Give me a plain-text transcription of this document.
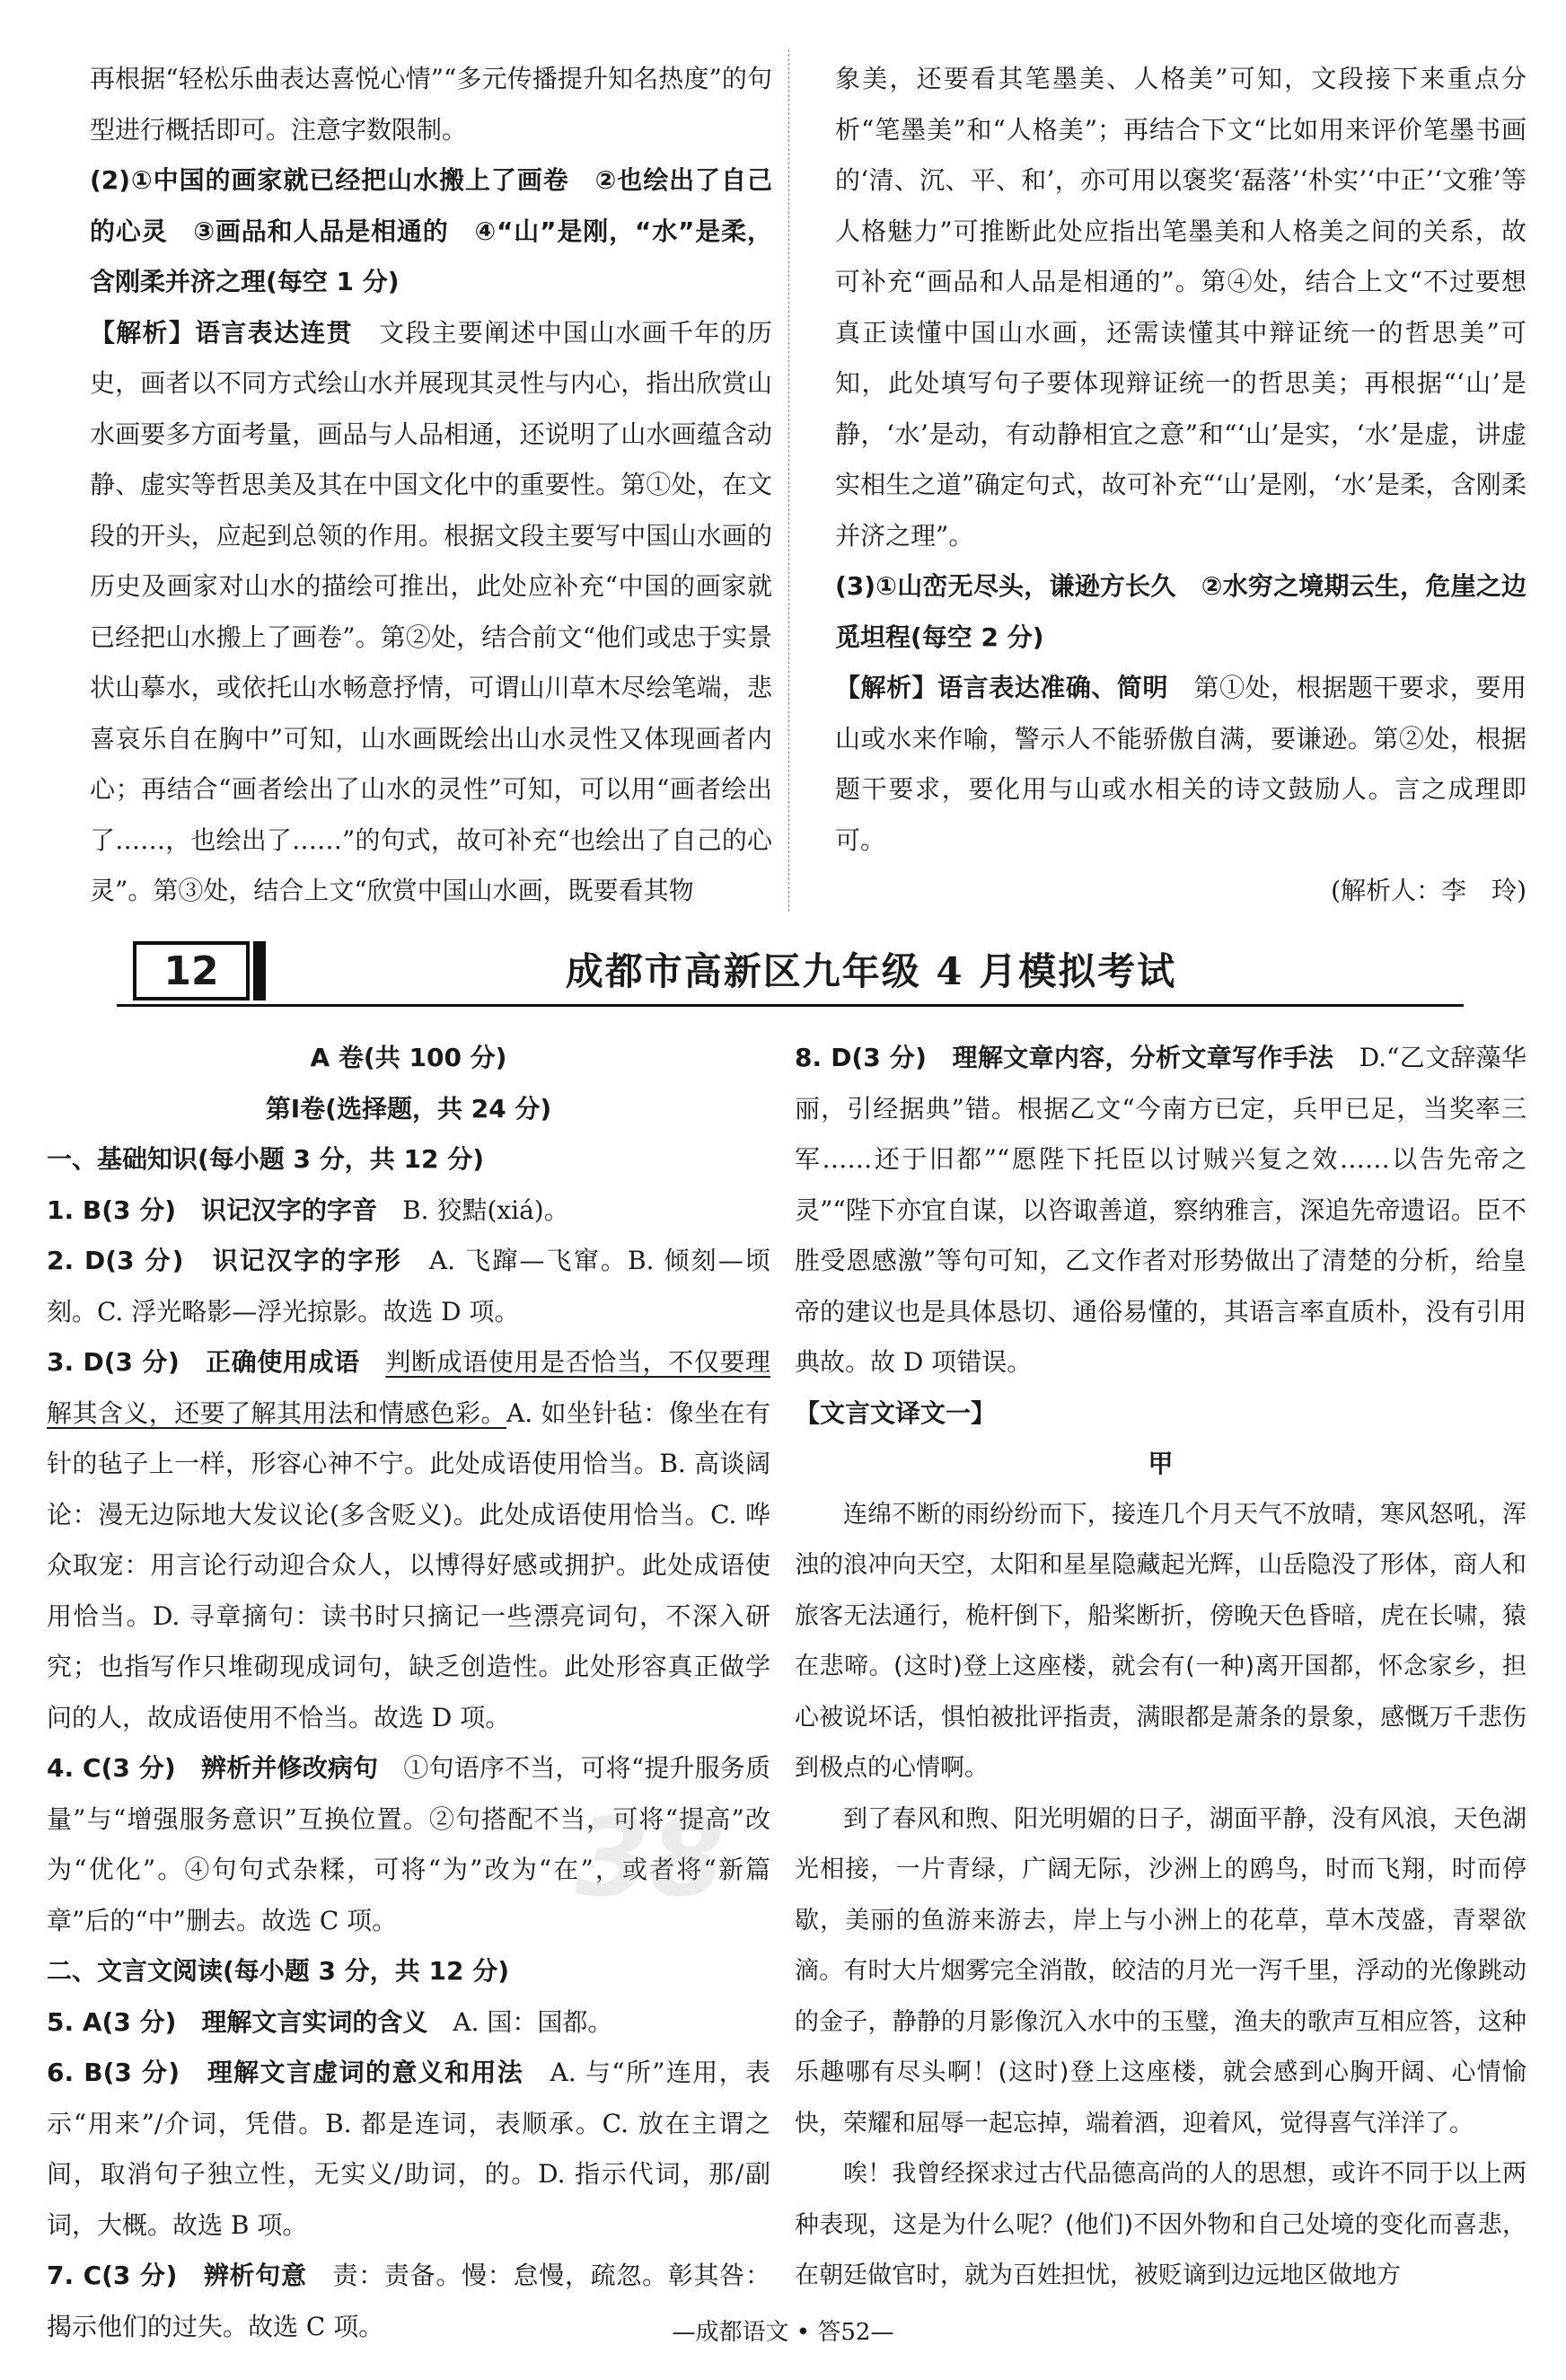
再根据“轻松乐曲表达喜悦心情”“多元传播提升知名热度”的句型进行概括即可。注意字数限制。

(2)①中国的画家就已经把山水搬上了画卷　②也绘出了自己的心灵　③画品和人品是相通的　④“山”是刚，“水”是柔，含刚柔并济之理(每空 1 分)

【解析】语言表达连贯　 文段主要阐述中国山水画千年的历史，画者以不同方式绘山水并展现其灵性与内心，指出欣赏山水画要多方面考量，画品与人品相通，还说明了山水画蕴含动静、虚实等哲思美及其在中国文化中的重要性。第①处，在文段的开头，应起到总领的作用。根据文段主要写中国山水画的历史及画家对山水的描绘可推出，此处应补充“中国的画家就已经把山水搬上了画卷”。第②处，结合前文“他们或忠于实景状山摹水，或依托山水畅意抒情，可谓山川草木尽绘笔端，悲喜哀乐自在胸中”可知，山水画既绘出山水灵性又体现画者内心；再结合“画者绘出了山水的灵性”可知，可以用“画者绘出了……，也绘出了……”的句式，故可补充“也绘出了自己的心灵”。第③处，结合上文“欣赏中国山水画，既要看其物

象美，还要看其笔墨美、人格美”可知，文段接下来重点分析“笔墨美”和“人格美”；再结合下文“比如用来评价笔墨书画的‘清、沉、平、和’，亦可用以褒奖‘磊落’‘朴实’‘中正’‘文雅’等人格魅力”可推断此处应指出笔墨美和人格美之间的关系，故可补充“画品和人品是相通的”。第④处，结合上文“不过要想真正读懂中国山水画，还需读懂其中辩证统一的哲思美”可知，此处填写句子要体现辩证统一的哲思美；再根据“‘山’是静，‘水’是动，有动静相宜之意”和“‘山’是实，‘水’是虚，讲虚实相生之道”确定句式，故可补充“‘山’是刚，‘水’是柔，含刚柔并济之理”。

(3)①山峦无尽头，谦逊方长久　②水穷之境期云生，危崖之边觅坦程(每空 2 分)

【解析】语言表达准确、简明　 第①处，根据题干要求，要用山或水来作喻，警示人不能骄傲自满，要谦逊。第②处，根据题干要求，要化用与山或水相关的诗文鼓励人。言之成理即可。

(解析人：李　玲)

12	成都市高新区九年级 4 月模拟考试

A 卷(共 100 分)

第Ⅰ卷(选择题，共 24 分)

一、基础知识(每小题 3 分，共 12 分)

1. B(3 分)　识记汉字的字音　 B. 狡黠(xiá)。

2. D(3 分)　识记汉字的字形　 A. 飞蹿—飞窜。B. 倾刻—顷刻。C. 浮光略影—浮光掠影。故选 D 项。

3. D(3 分)　正确使用成语　 判断成语使用是否恰当，不仅要理解其含义，还要了解其用法和情感色彩。A. 如坐针毡：像坐在有针的毡子上一样，形容心神不宁。此处成语使用恰当。B. 高谈阔论：漫无边际地大发议论(多含贬义)。此处成语使用恰当。C. 哗众取宠：用言论行动迎合众人，以博得好感或拥护。此处成语使用恰当。D. 寻章摘句：读书时只摘记一些漂亮词句，不深入研究；也指写作只堆砌现成词句，缺乏创造性。此处形容真正做学问的人，故成语使用不恰当。故选 D 项。

4. C(3 分)　辨析并修改病句　 ①句语序不当，可将“提升服务质量”与“增强服务意识”互换位置。②句搭配不当，可将“提高”改为“优化”。④句句式杂糅，可将“为”改为“在”，或者将“新篇章”后的“中”删去。故选 C 项。

二、文言文阅读(每小题 3 分，共 12 分)

5. A(3 分)　理解文言实词的含义　 A. 国：国都。

6. B(3 分)　理解文言虚词的意义和用法　 A. 与“所”连用，表示“用来”/介词，凭借。B. 都是连词，表顺承。C. 放在主谓之间，取消句子独立性，无实义/助词，的。D. 指示代词，那/副词，大概。故选 B 项。

7. C(3 分)　辨析句意　 责：责备。慢：怠慢，疏忽。彰其咎：揭示他们的过失。故选 C 项。

8. D(3 分)　理解文章内容，分析文章写作手法　 D.“乙文辞藻华丽，引经据典”错。根据乙文“今南方已定，兵甲已足，当奖率三军……还于旧都”“愿陛下托臣以讨贼兴复之效……以告先帝之灵”“陛下亦宜自谋，以咨诹善道，察纳雅言，深追先帝遗诏。臣不胜受恩感激”等句可知，乙文作者对形势做出了清楚的分析，给皇帝的建议也是具体恳切、通俗易懂的，其语言率直质朴，没有引用典故。故 D 项错误。

【文言文译文一】

甲

连绵不断的雨纷纷而下，接连几个月天气不放晴，寒风怒吼，浑浊的浪冲向天空，太阳和星星隐藏起光辉，山岳隐没了形体，商人和旅客无法通行，桅杆倒下，船桨断折，傍晚天色昏暗，虎在长啸，猿在悲啼。(这时)登上这座楼，就会有(一种)离开国都，怀念家乡，担心被说坏话，惧怕被批评指责，满眼都是萧条的景象，感慨万千悲伤到极点的心情啊。

到了春风和煦、阳光明媚的日子，湖面平静，没有风浪，天色湖光相接，一片青绿，广阔无际，沙洲上的鸥鸟，时而飞翔，时而停歇，美丽的鱼游来游去，岸上与小洲上的花草，草木茂盛，青翠欲滴。有时大片烟雾完全消散，皎洁的月光一泻千里，浮动的光像跳动的金子，静静的月影像沉入水中的玉璧，渔夫的歌声互相应答，这种乐趣哪有尽头啊！(这时)登上这座楼，就会感到心胸开阔、心情愉快，荣耀和屈辱一起忘掉，端着酒，迎着风，觉得喜气洋洋了。

唉！我曾经探求过古代品德高尚的人的思想，或许不同于以上两种表现，这是为什么呢？(他们)不因外物和自己处境的变化而喜悲，在朝廷做官时，就为百姓担忧，被贬谪到边远地区做地方

38
—成都语文 • 答52—
